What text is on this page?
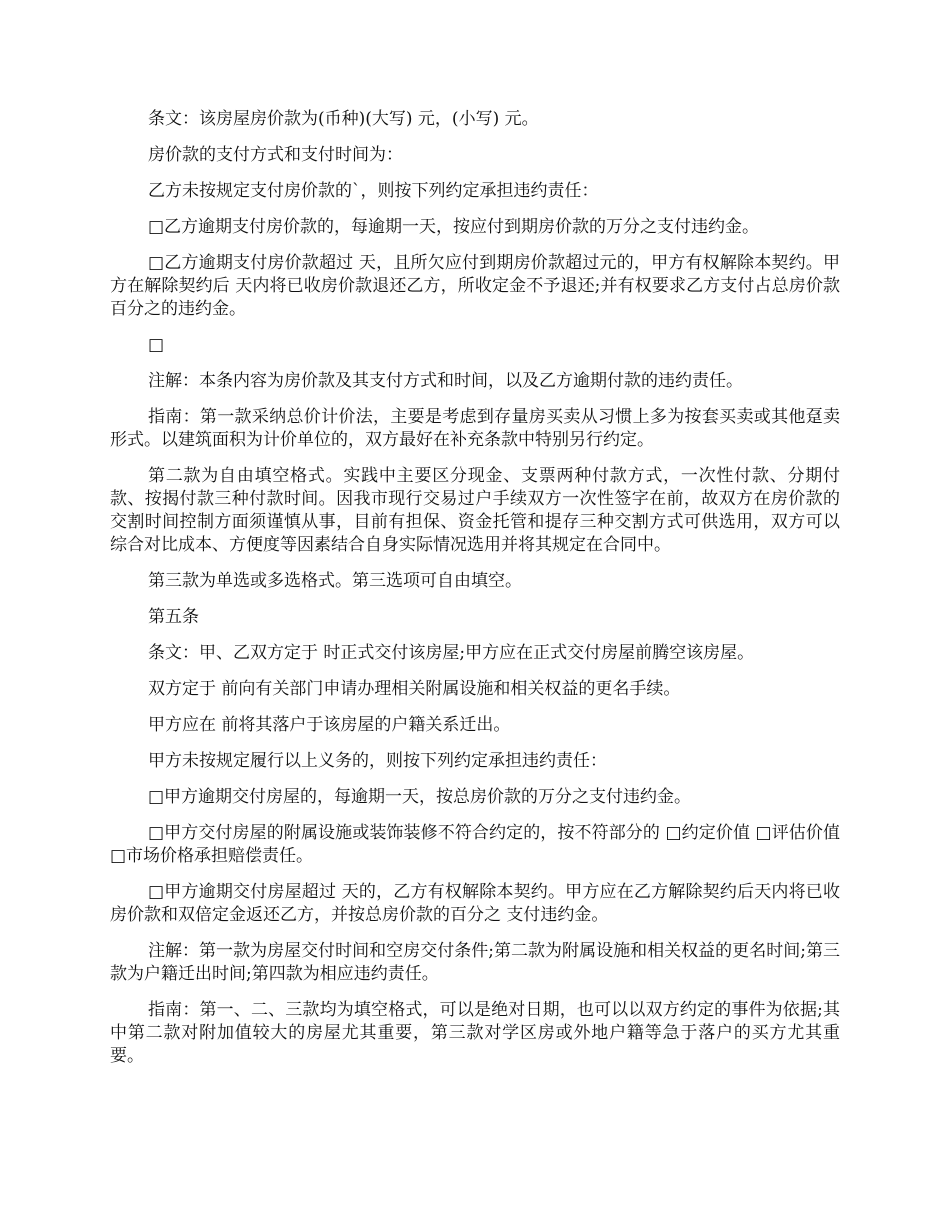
条文：该房屋房价款为(币种)(大写) 元，(小写) 元。

房价款的支付方式和支付时间为：

乙方未按规定支付房价款的`，则按下列约定承担违约责任：

□乙方逾期支付房价款的，每逾期一天，按应付到期房价款的万分之支付违约金。

□乙方逾期支付房价款超过 天，且所欠应付到期房价款超过元的，甲方有权解除本契约。甲方在解除契约后 天内将已收房价款退还乙方，所收定金不予退还;并有权要求乙方支付占总房价款百分之的违约金。

□

注解：本条内容为房价款及其支付方式和时间，以及乙方逾期付款的违约责任。

指南：第一款采纳总价计价法，主要是考虑到存量房买卖从习惯上多为按套买卖或其他趸卖形式。以建筑面积为计价单位的，双方最好在补充条款中特别另行约定。

第二款为自由填空格式。实践中主要区分现金、支票两种付款方式，一次性付款、分期付款、按揭付款三种付款时间。因我市现行交易过户手续双方一次性签字在前，故双方在房价款的交割时间控制方面须谨慎从事，目前有担保、资金托管和提存三种交割方式可供选用，双方可以综合对比成本、方便度等因素结合自身实际情况选用并将其规定在合同中。

第三款为单选或多选格式。第三选项可自由填空。

第五条

条文：甲、乙双方定于 时正式交付该房屋;甲方应在正式交付房屋前腾空该房屋。

双方定于 前向有关部门申请办理相关附属设施和相关权益的更名手续。

甲方应在 前将其落户于该房屋的户籍关系迁出。

甲方未按规定履行以上义务的，则按下列约定承担违约责任：

□甲方逾期交付房屋的，每逾期一天，按总房价款的万分之支付违约金。

□甲方交付房屋的附属设施或装饰装修不符合约定的，按不符部分的 □约定价值 □评估价值 □市场价格承担赔偿责任。

□甲方逾期交付房屋超过 天的，乙方有权解除本契约。甲方应在乙方解除契约后天内将已收房价款和双倍定金返还乙方，并按总房价款的百分之 支付违约金。

注解：第一款为房屋交付时间和空房交付条件;第二款为附属设施和相关权益的更名时间;第三款为户籍迁出时间;第四款为相应违约责任。

指南：第一、二、三款均为填空格式，可以是绝对日期，也可以以双方约定的事件为依据;其中第二款对附加值较大的房屋尤其重要，第三款对学区房或外地户籍等急于落户的买方尤其重要。
